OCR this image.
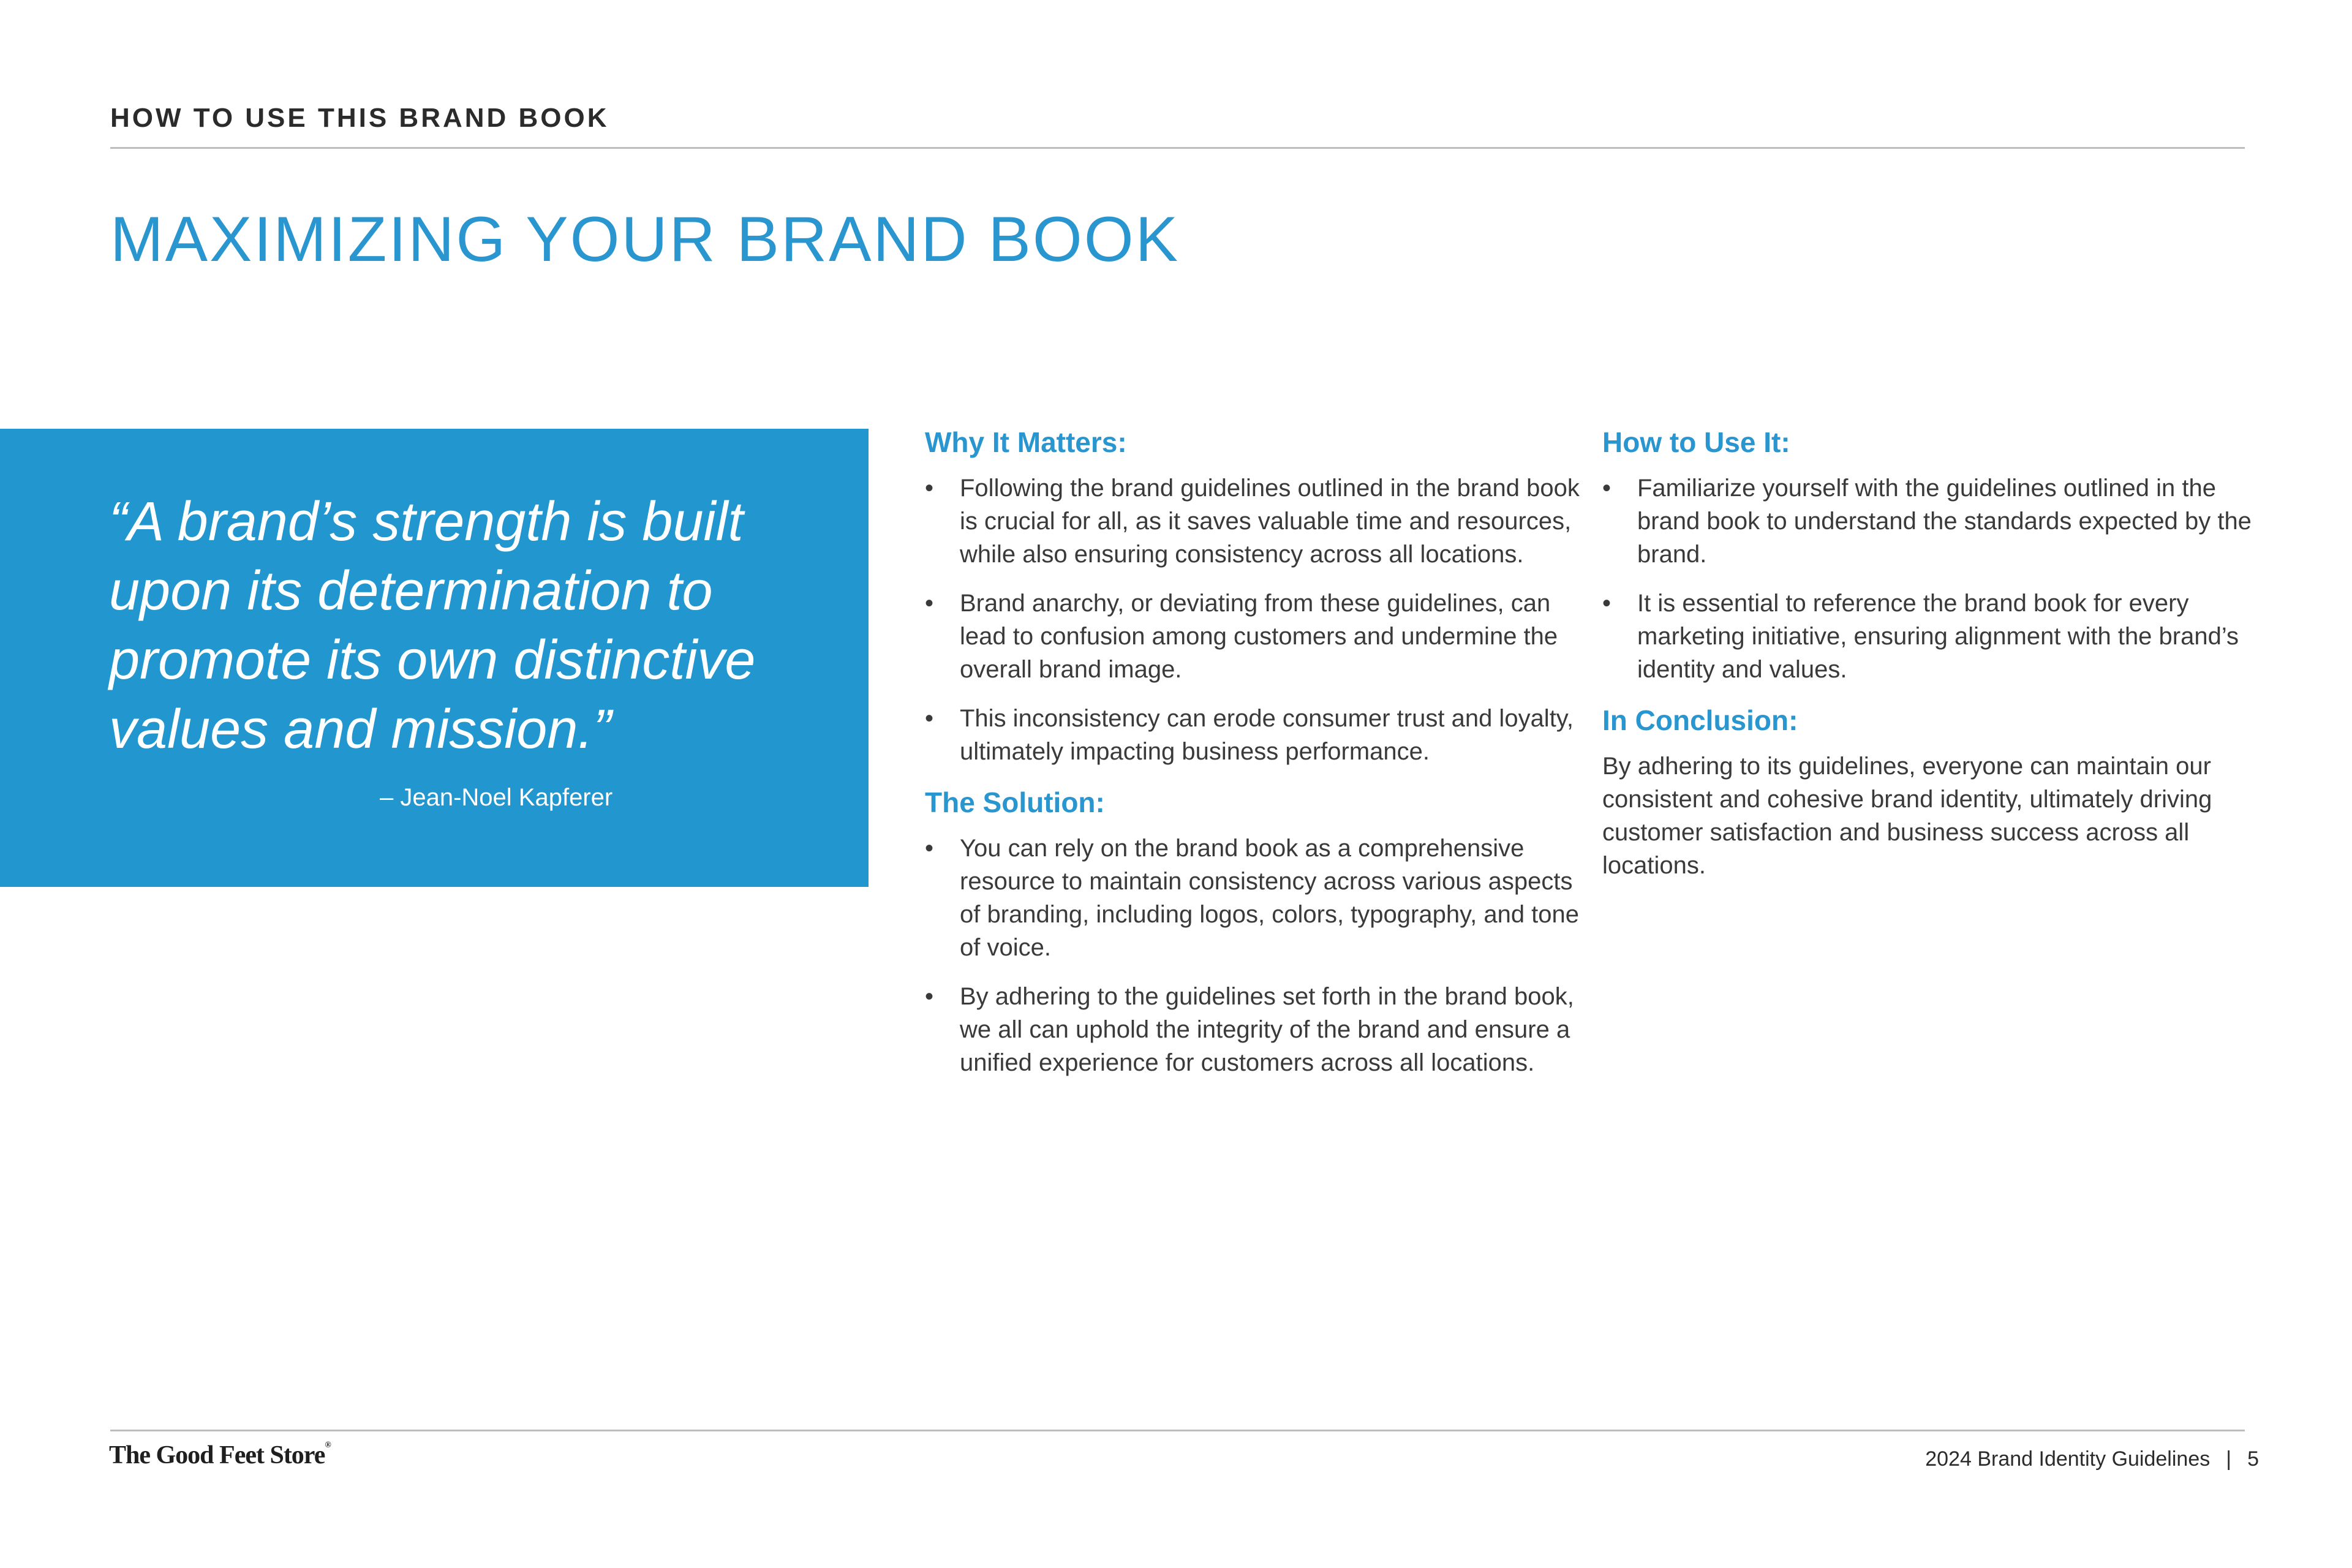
HOW TO USE THIS BRAND BOOK
MAXIMIZING YOUR BRAND BOOK

“A brand’s strength is built upon its determination to promote its own distinctive values and mission.”

– Jean-Noel Kapferer
Why It Matters:
• Following the brand guidelines outlined in the brand book is crucial for all, as it saves valuable time and resources, while also ensuring consistency across all locations.
• Brand anarchy, or deviating from these guidelines, can lead to confusion among customers and undermine the overall brand image.
• This inconsistency can erode consumer trust and loyalty, ultimately impacting business performance.
The Solution:
• You can rely on the brand book as a comprehensive resource to maintain consistency across various aspects of branding, including logos, colors, typography, and tone of voice.
• By adhering to the guidelines set forth in the brand book, we all can uphold the integrity of the brand and ensure a unified experience for customers across all locations.
How to Use It:
• Familiarize yourself with the guidelines outlined in the brand book to understand the standards expected by the brand.
• It is essential to reference the brand book for every marketing initiative, ensuring alignment with the brand’s identity and values.
In Conclusion:

By adhering to its guidelines, everyone can maintain our consistent and cohesive brand identity, ultimately driving customer satisfaction and business success across all locations.

The Good Feet Store®
2024 Brand Identity Guidelines | 5
